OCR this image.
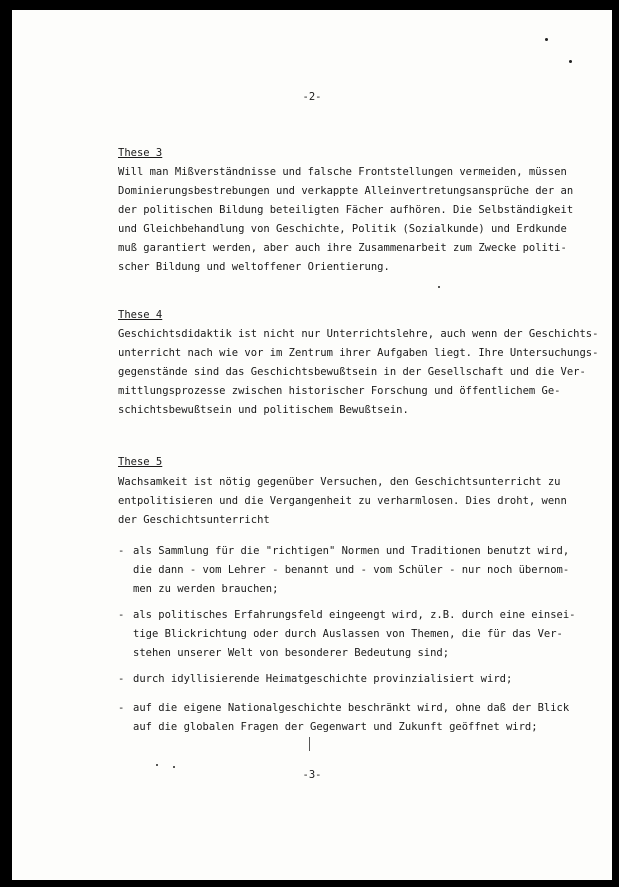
-2-
These 3
Will man Mißverständnisse und falsche Frontstellungen vermeiden, müssen
Dominierungsbestrebungen und verkappte Alleinvertretungsansprüche der an
der politischen Bildung beteiligten Fächer aufhören. Die Selbständigkeit
und Gleichbehandlung von Geschichte, Politik (Sozialkunde) und Erdkunde
muß garantiert werden, aber auch ihre Zusammenarbeit zum Zwecke politi-
scher Bildung und weltoffener Orientierung.
These 4
Geschichtsdidaktik ist nicht nur Unterrichtslehre, auch wenn der Geschichts-
unterricht nach wie vor im Zentrum ihrer Aufgaben liegt. Ihre Untersuchungs-
gegenstände sind das Geschichtsbewußtsein in der Gesellschaft und die Ver-
mittlungsprozesse zwischen historischer Forschung und öffentlichem Ge-
schichtsbewußtsein und politischem Bewußtsein.
These 5
Wachsamkeit ist nötig gegenüber Versuchen, den Geschichtsunterricht zu
entpolitisieren und die Vergangenheit zu verharmlosen. Dies droht, wenn
der Geschichtsunterricht
- als Sammlung für die "richtigen" Normen und Traditionen benutzt wird,
die dann - vom Lehrer - benannt und - vom Schüler - nur noch übernom-
men zu werden brauchen;
- als politisches Erfahrungsfeld eingeengt wird, z.B. durch eine einsei-
tige Blickrichtung oder durch Auslassen von Themen, die für das Ver-
stehen unserer Welt von besonderer Bedeutung sind;
- durch idyllisierende Heimatgeschichte provinzialisiert wird;
- auf die eigene Nationalgeschichte beschränkt wird, ohne daß der Blick
auf die globalen Fragen der Gegenwart und Zukunft geöffnet wird;
-3-
